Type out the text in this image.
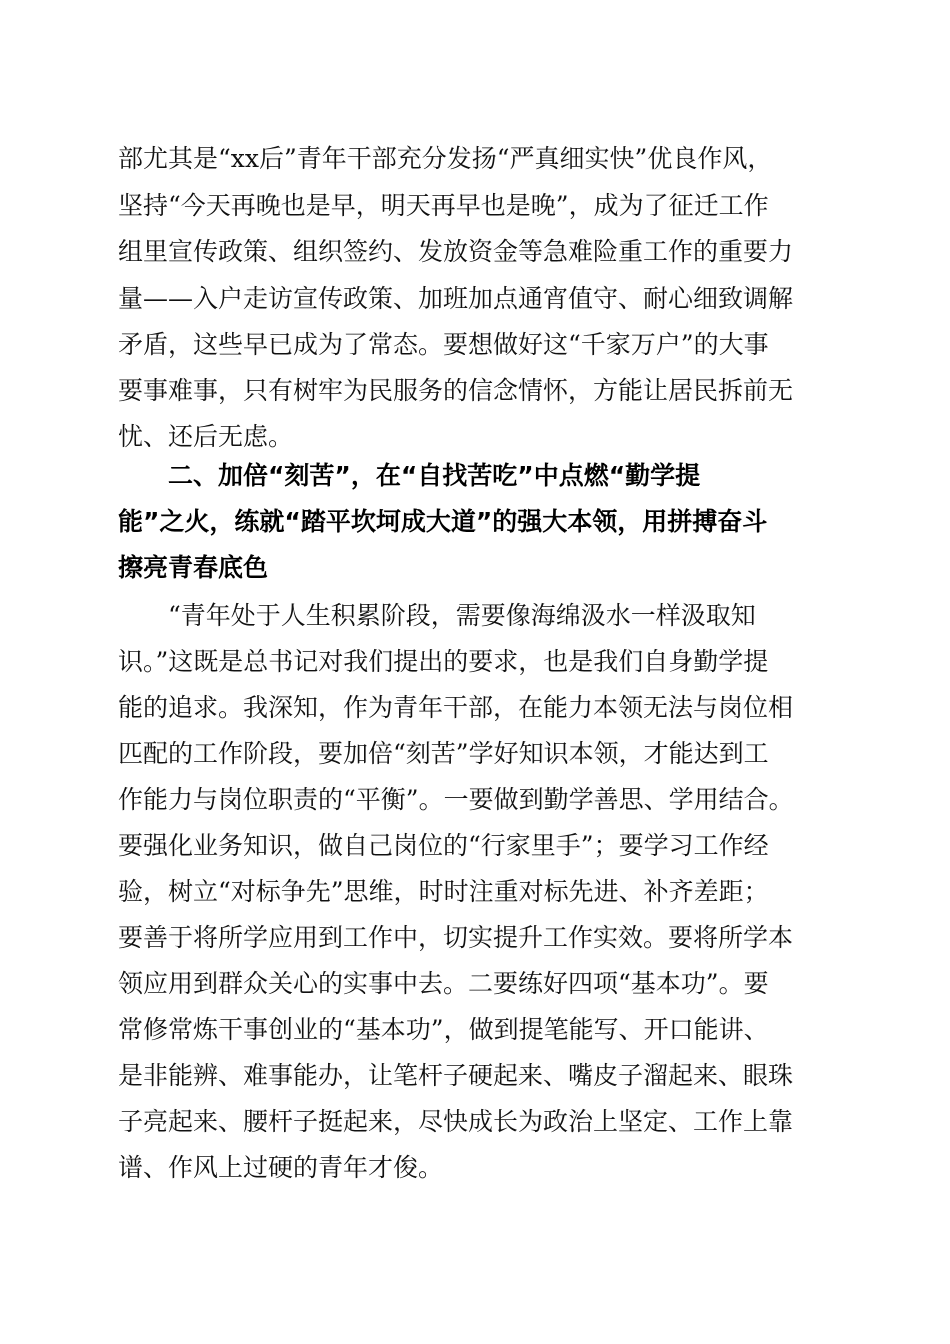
部尤其是“xx后”青年干部充分发扬“严真细实快”优良作风，
坚持“今天再晚也是早，明天再早也是晚”，成为了征迁工作
组里宣传政策、组织签约、发放资金等急难险重工作的重要力
量——入户走访宣传政策、加班加点通宵值守、耐心细致调解
矛盾，这些早已成为了常态。要想做好这“千家万户”的大事
要事难事，只有树牢为民服务的信念情怀，方能让居民拆前无
忧、还后无虑。
二、加倍“刻苦”，在“自找苦吃”中点燃“勤学提
能”之火，练就“踏平坎坷成大道”的强大本领，用拼搏奋斗
擦亮青春底色
“青年处于人生积累阶段，需要像海绵汲水一样汲取知
识。”这既是总书记对我们提出的要求，也是我们自身勤学提
能的追求。我深知，作为青年干部，在能力本领无法与岗位相
匹配的工作阶段，要加倍“刻苦”学好知识本领，才能达到工
作能力与岗位职责的“平衡”。一要做到勤学善思、学用结合。
要强化业务知识，做自己岗位的“行家里手”；要学习工作经
验，树立“对标争先”思维，时时注重对标先进、补齐差距；
要善于将所学应用到工作中，切实提升工作实效。要将所学本
领应用到群众关心的实事中去。二要练好四项“基本功”。要
常修常炼干事创业的“基本功”，做到提笔能写、开口能讲、
是非能辨、难事能办，让笔杆子硬起来、嘴皮子溜起来、眼珠
子亮起来、腰杆子挺起来，尽快成长为政治上坚定、工作上靠
谱、作风上过硬的青年才俊。
